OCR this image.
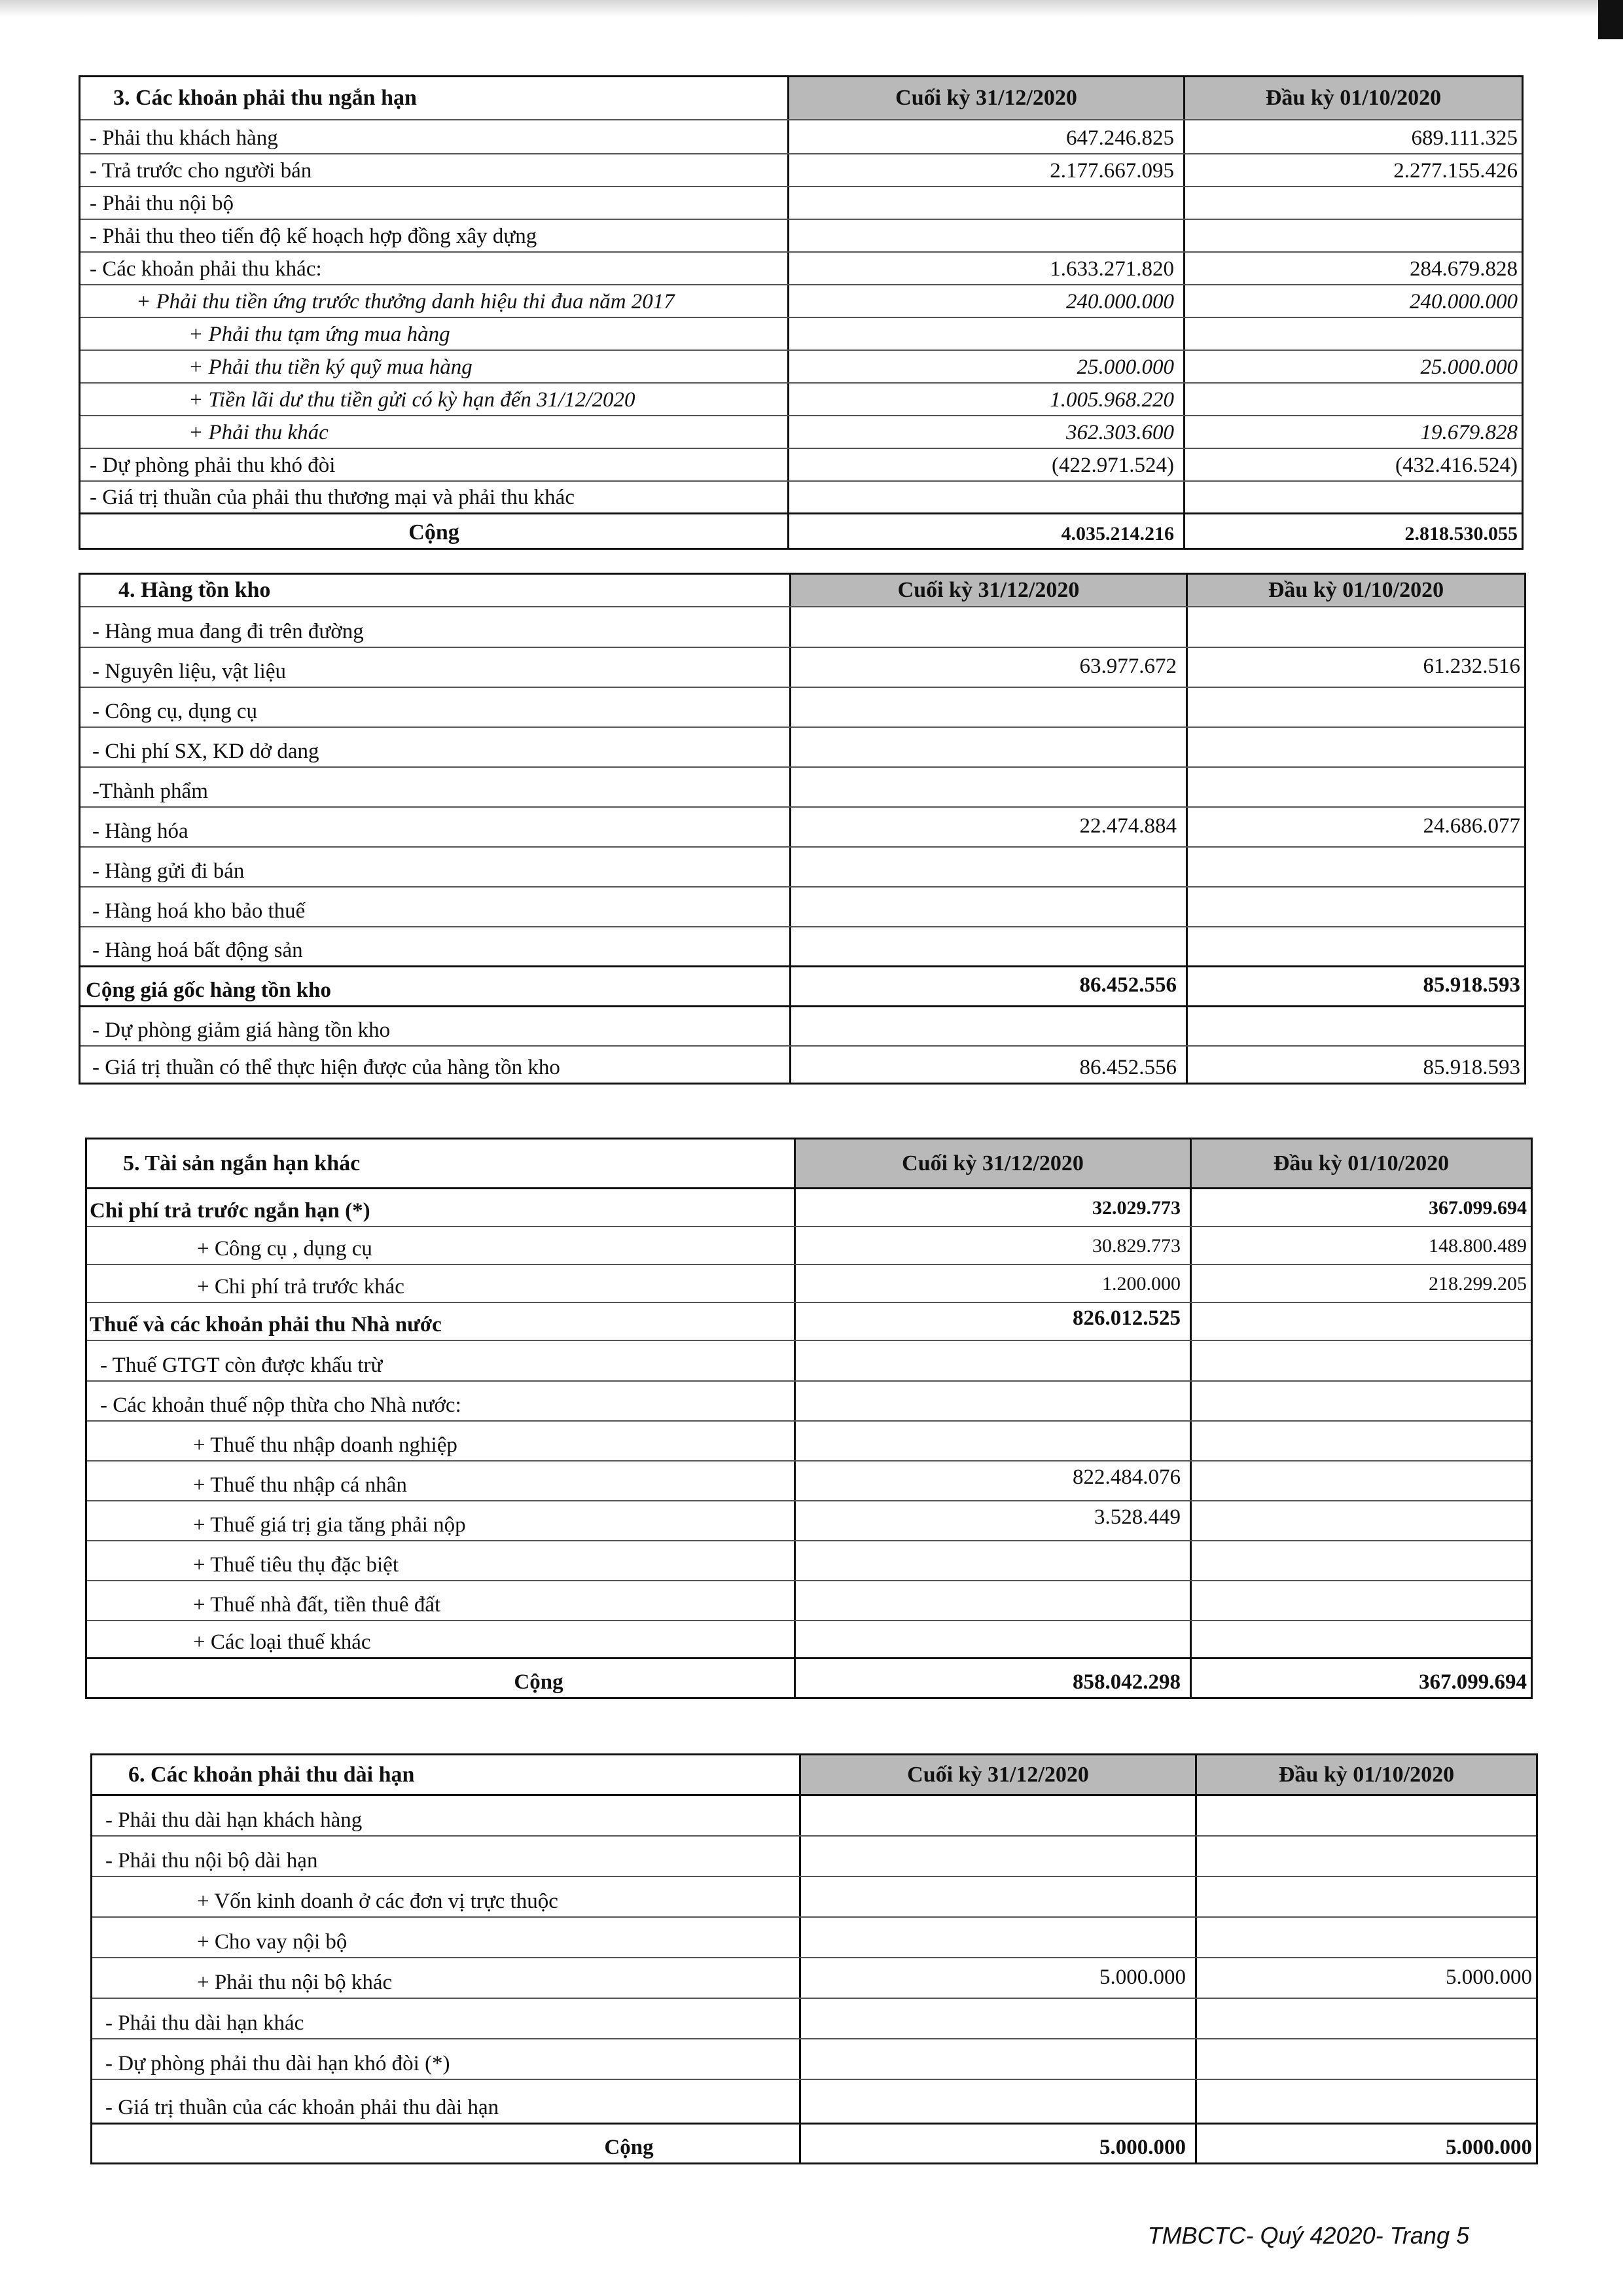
3. Các khoản phải thu ngắn hạn	Cuối kỳ 31/12/2020	Đầu kỳ 01/10/2020
- Phải thu khách hàng	647.246.825	689.111.325
- Trả trước cho người bán	2.177.667.095	2.277.155.426
- Phải thu nội bộ
- Phải thu theo tiến độ kế hoạch hợp đồng xây dựng
- Các khoản phải thu khác:	1.633.271.820	284.679.828
+ Phải thu tiền ứng trước thưởng danh hiệu thi đua năm 2017	240.000.000	240.000.000
+ Phải thu tạm ứng mua hàng
+ Phải thu tiền ký quỹ mua hàng	25.000.000	25.000.000
+ Tiền lãi dư thu tiền gửi có kỳ hạn đến 31/12/2020	1.005.968.220
+ Phải thu khác	362.303.600	19.679.828
- Dự phòng phải thu khó đòi	(422.971.524)	(432.416.524)
- Giá trị thuần của phải thu thương mại và phải thu khác
Cộng	4.035.214.216	2.818.530.055
4. Hàng tồn kho	Cuối kỳ 31/12/2020	Đầu kỳ 01/10/2020
- Hàng mua đang đi trên đường
- Nguyên liệu, vật liệu	63.977.672	61.232.516
- Công cụ, dụng cụ
- Chi phí SX, KD dở dang
-Thành phẩm
- Hàng hóa	22.474.884	24.686.077
- Hàng gửi đi bán
- Hàng hoá kho bảo thuế
- Hàng hoá bất động sản
Cộng giá gốc hàng tồn kho	86.452.556	85.918.593
- Dự phòng giảm giá hàng tồn kho
- Giá trị thuần có thể thực hiện được của hàng tồn kho	86.452.556	85.918.593
5. Tài sản ngắn hạn khác	Cuối kỳ 31/12/2020	Đầu kỳ 01/10/2020
Chi phí trả trước ngắn hạn (*)	32.029.773	367.099.694
+ Công cụ , dụng cụ	30.829.773	148.800.489
+ Chi phí trả trước khác	1.200.000	218.299.205
Thuế và các khoản phải thu Nhà nước	826.012.525
- Thuế GTGT còn được khấu trừ
- Các khoản thuế nộp thừa cho Nhà nước:
+ Thuế thu nhập doanh nghiệp
+ Thuế thu nhập cá nhân	822.484.076
+ Thuế giá trị gia tăng phải nộp	3.528.449
+ Thuế tiêu thụ đặc biệt
+ Thuế nhà đất, tiền thuê đất
+ Các loại thuế khác
Cộng	858.042.298	367.099.694
6. Các khoản phải thu dài hạn	Cuối kỳ 31/12/2020	Đầu kỳ 01/10/2020
- Phải thu dài hạn khách hàng
- Phải thu nội bộ dài hạn
+ Vốn kinh doanh ở các đơn vị trực thuộc
+ Cho vay nội bộ
+ Phải thu nội bộ khác	5.000.000	5.000.000
- Phải thu dài hạn khác
- Dự phòng phải thu dài hạn khó đòi (*)
- Giá trị thuần của các khoản phải thu dài hạn
Cộng	5.000.000	5.000.000
TMBCTC- Quý 42020- Trang 5
